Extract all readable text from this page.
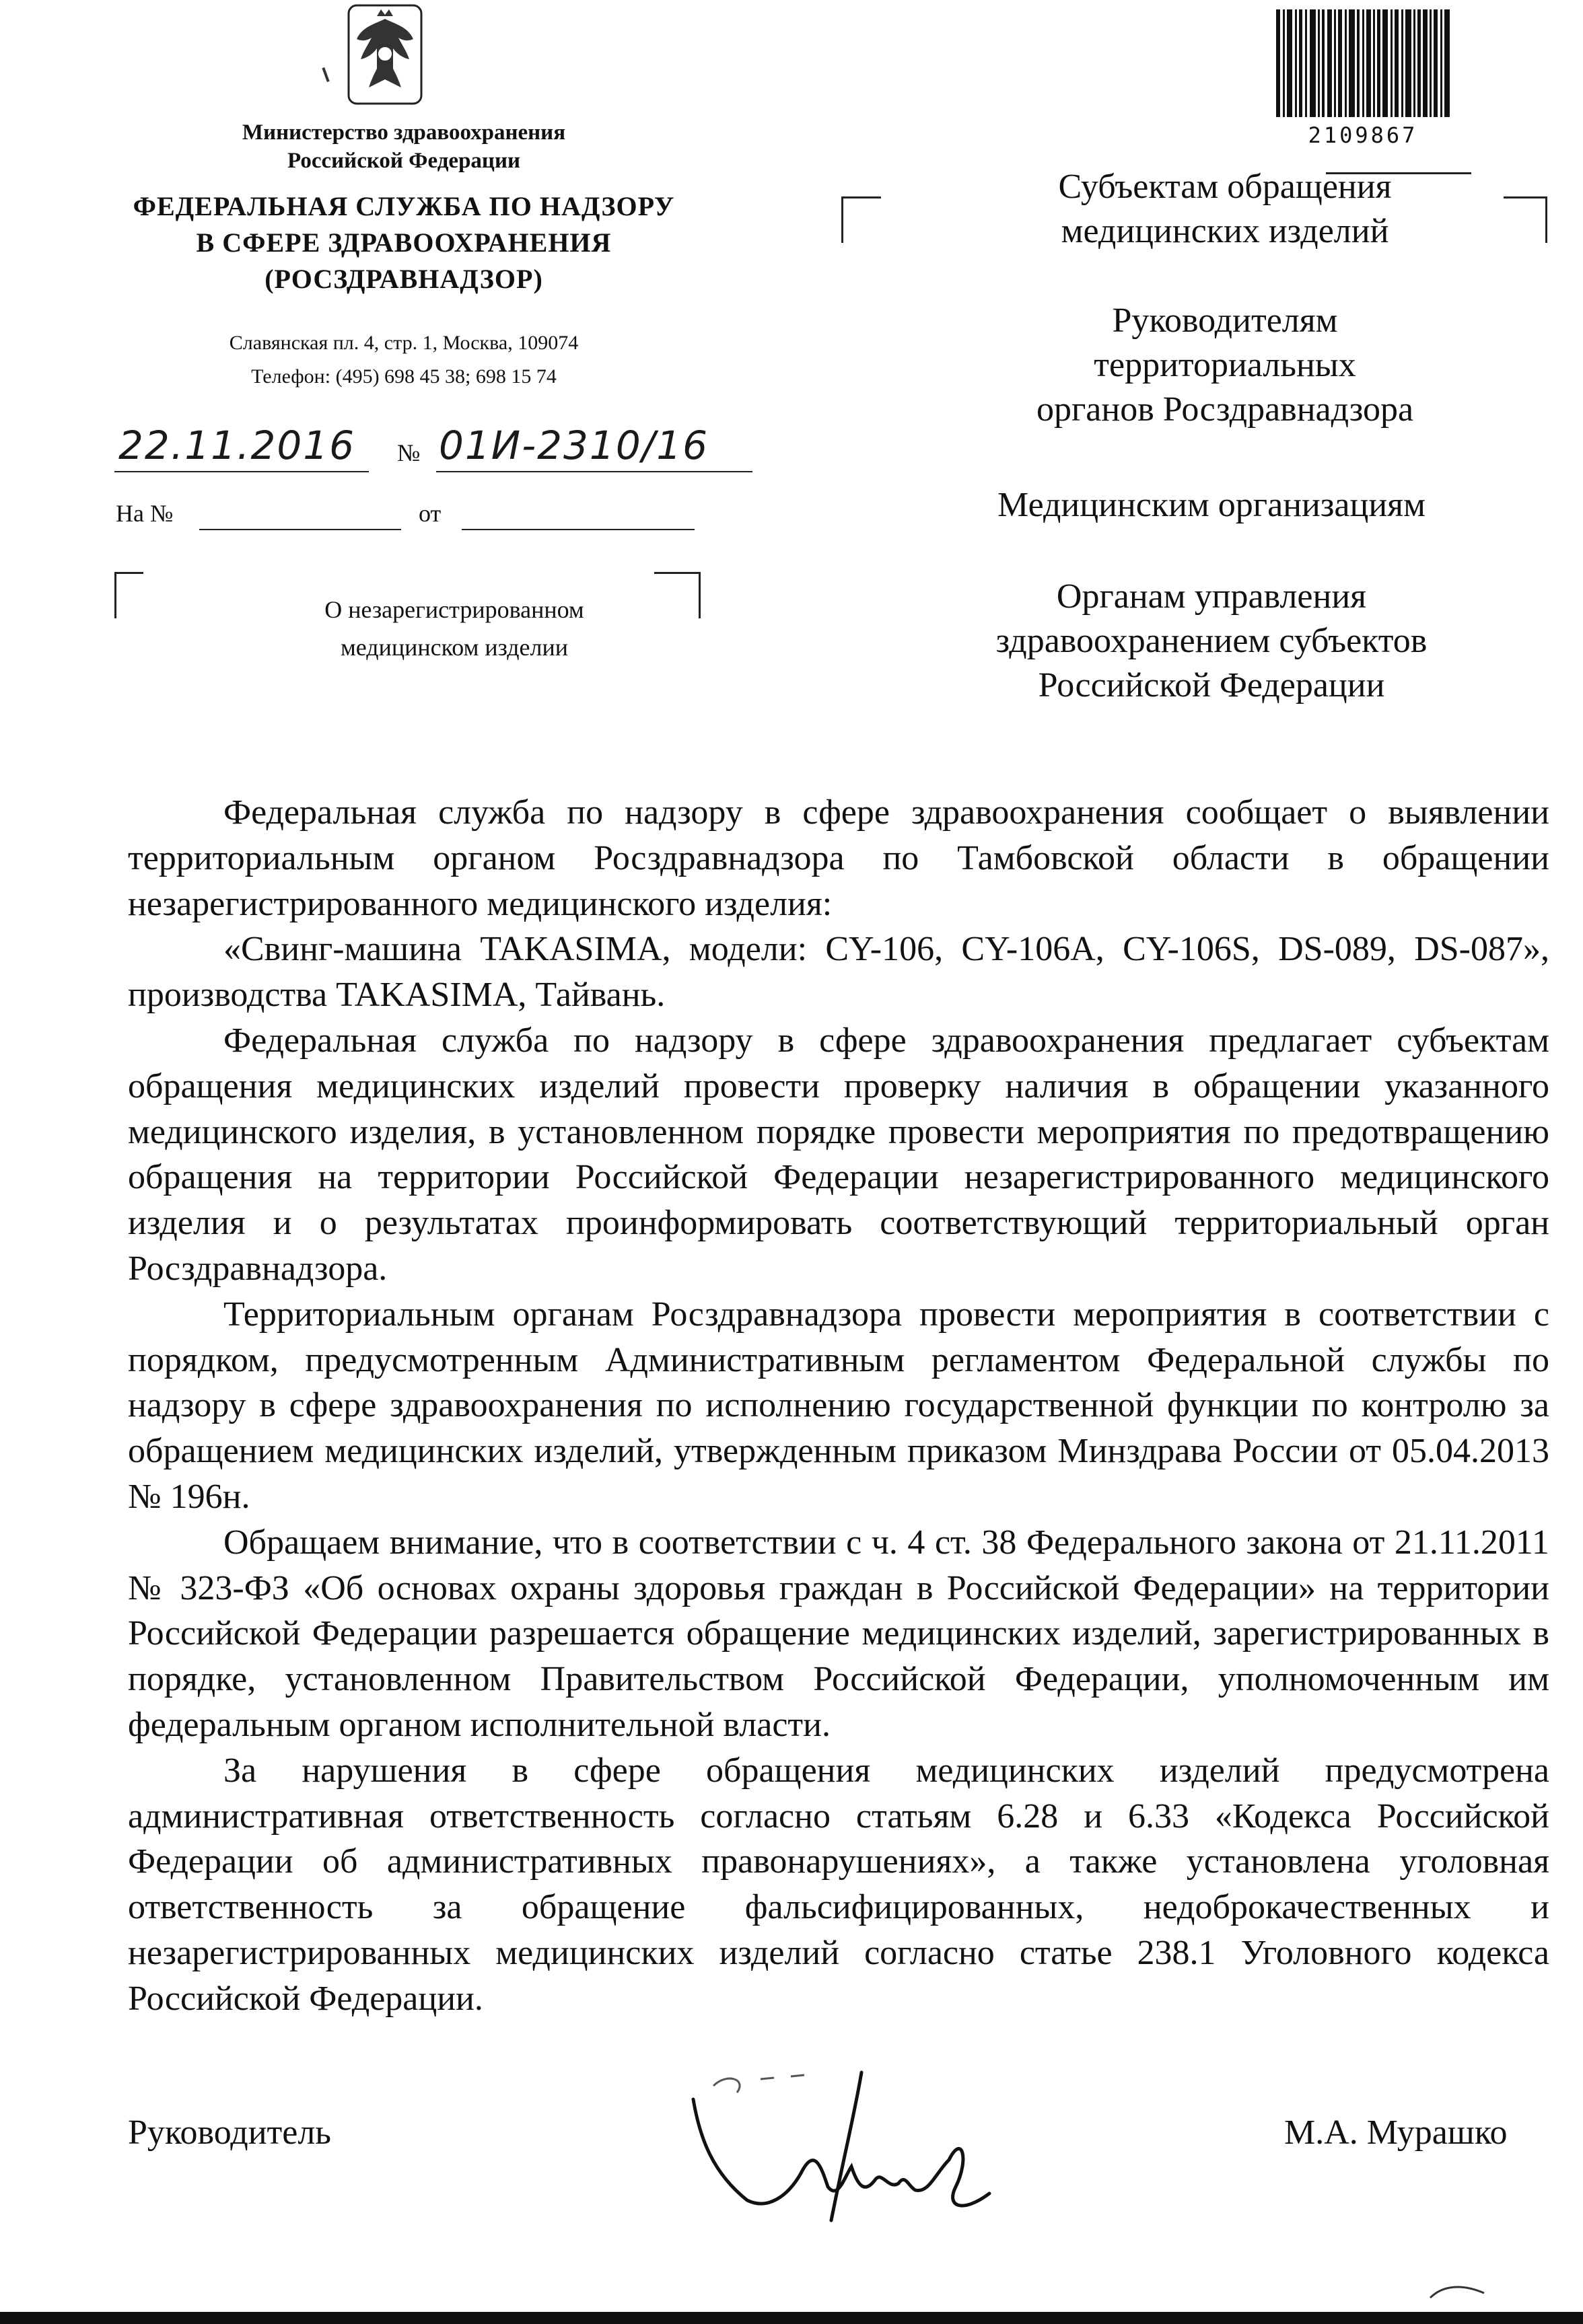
Министерство здравоохранения
Российской Федерации
ФЕДЕРАЛЬНАЯ СЛУЖБА ПО НАДЗОРУ
В СФЕРЕ ЗДРАВООХРАНЕНИЯ
(РОСЗДРАВНАДЗОР)
Славянская пл. 4, стр. 1, Москва, 109074
Телефон: (495) 698 45 38; 698 15 74
22.11.2016 № 01И-2310/16
На №	от
О незарегистрированном
медицинском изделии
2109867
Субъектам обращения
медицинских изделий
Руководителям
территориальных
органов Росздравнадзора
Медицинским организациям
Органам управления
здравоохранением субъектов
Российской Федерации

Федеральная служба по надзору в сфере здравоохранения сообщает о выявлении территориальным органом Росздравнадзора по Тамбовской области в обращении незарегистрированного медицинского изделия:

«Свинг-машина TAKASIMA, модели: CY-106, CY-106A, CY-106S, DS-089, DS-087», производства TAKASIMA, Тайвань.

Федеральная служба по надзору в сфере здравоохранения предлагает субъектам обращения медицинских изделий провести проверку наличия в обращении указанного медицинского изделия, в установленном порядке провести мероприятия по предотвращению обращения на территории Российской Федерации незарегистрированного медицинского изделия и о результатах проинформировать соответствующий территориальный орган Росздравнадзора.

Территориальным органам Росздравнадзора провести мероприятия в соответствии с порядком, предусмотренным Административным регламентом Федеральной службы по надзору в сфере здравоохранения по исполнению государственной функции по контролю за обращением медицинских изделий, утвержденным приказом Минздрава России от 05.04.2013 № 196н.

Обращаем внимание, что в соответствии с ч. 4 ст. 38 Федерального закона от 21.11.2011 № 323-ФЗ «Об основах охраны здоровья граждан в Российской Федерации» на территории Российской Федерации разрешается обращение медицинских изделий, зарегистрированных в порядке, установленном Правительством Российской Федерации, уполномоченным им федеральным органом исполнительной власти.

За нарушения в сфере обращения медицинских изделий предусмотрена административная ответственность согласно статьям 6.28 и 6.33 «Кодекса Российской Федерации об административных правонарушениях», а также установлена уголовная ответственность за обращение фальсифицированных, недоброкачественных и незарегистрированных медицинских изделий согласно статье 238.1 Уголовного кодекса Российской Федерации.

Руководитель	М.А. Мурашко
